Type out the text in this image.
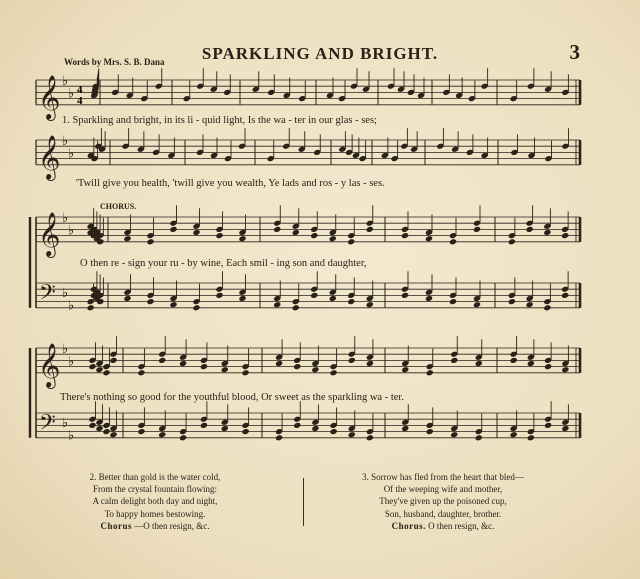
Words by Mrs. S. B. Dana	SPARKLING AND BRIGHT.	3
𝄞 ♭
♭
𝄞 ♭
♭
𝄞 ♭
♭
𝄢 ♭
♭
𝄞 ♭
♭
𝄢 ♭
♭
4
4
1. Sparkling and bright, in its li - quid light, Is the wa - ter in our glas - ses;
'Twill give you health, 'twill give you wealth, Ye lads and ros - y las - ses.
CHORUS.
O then re - sign your ru - by wine, Each smil - ing son and daughter,
There's nothing so good for the youthful blood, Or sweet as the sparkling wa - ter.
2. Better than gold is the water cold,
From the crystal fountain flowing:
A calm delight both day and night,
To happy homes bestowing.
Chorus —O then resign, &c.
3. Sorrow has fled from the heart that bled—
Of the weeping wife and mother,
They've given up the poisoned cup,
Son, husband, daughter, brother.
Chorus. O then resign, &c.
